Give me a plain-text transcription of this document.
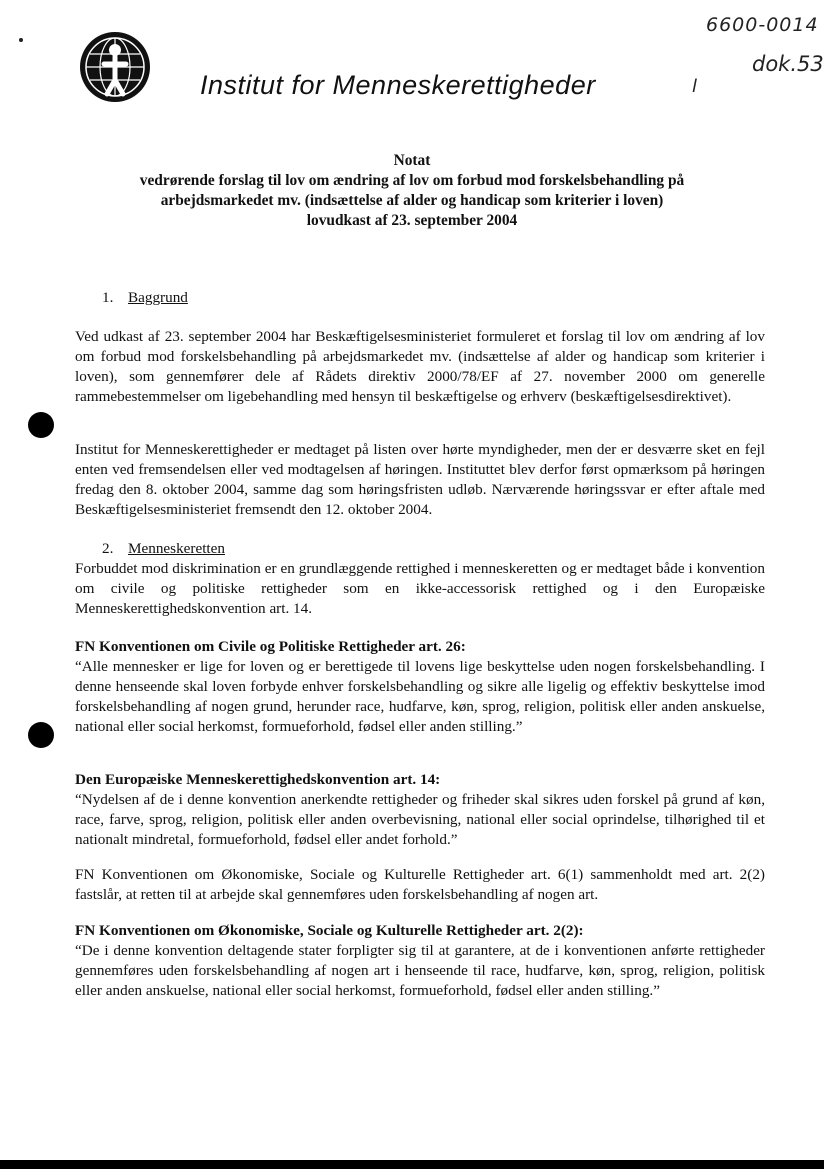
Institut for Menneskerettigheder
6600-0014
dok.53
l
Notat
vedrørende forslag til lov om ændring af lov om forbud mod forskelsbehandling på
arbejdsmarkedet mv. (indsættelse af alder og handicap som kriterier i loven)
lovudkast af 23. september 2004
1. Baggrund
Ved udkast af 23. september 2004 har Beskæftigelsesministeriet formuleret et forslag til lov om ændring af lov om forbud mod forskelsbehandling på arbejdsmarkedet mv. (indsættelse af alder og handicap som kriterier i loven), som gennemfører dele af Rådets direktiv 2000/78/EF af 27. november 2000 om generelle rammebestemmelser om ligebehandling med hensyn til beskæftigelse og erhverv (beskæftigelsesdirektivet).
Institut for Menneskerettigheder er medtaget på listen over hørte myndigheder, men der er desværre sket en fejl enten ved fremsendelsen eller ved modtagelsen af høringen. Instituttet blev derfor først opmærksom på høringen fredag den 8. oktober 2004, samme dag som høringsfristen udløb. Nærværende høringssvar er efter aftale med Beskæftigelsesministeriet fremsendt den 12. oktober 2004.
2. Menneskeretten
Forbuddet mod diskrimination er en grundlæggende rettighed i menneskeretten og er medtaget både i konvention om civile og politiske rettigheder som en ikke-accessorisk rettighed og i den Europæiske Menneskerettighedskonvention art. 14.
FN Konventionen om Civile og Politiske Rettigheder art. 26:
“Alle mennesker er lige for loven og er berettigede til lovens lige beskyttelse uden nogen forskelsbehandling. I denne henseende skal loven forbyde enhver forskelsbehandling og sikre alle ligelig og effektiv beskyttelse imod forskelsbehandling af nogen grund, herunder race, hudfarve, køn, sprog, religion, politisk eller anden anskuelse, national eller social herkomst, formueforhold, fødsel eller anden stilling.”
Den Europæiske Menneskerettighedskonvention art. 14:
“Nydelsen af de i denne konvention anerkendte rettigheder og friheder skal sikres uden forskel på grund af køn, race, farve, sprog, religion, politisk eller anden overbevisning, national eller social oprindelse, tilhørighed til et nationalt mindretal, formueforhold, fødsel eller andet forhold.”
FN Konventionen om Økonomiske, Sociale og Kulturelle Rettigheder art. 6(1) sammenholdt med art. 2(2) fastslår, at retten til at arbejde skal gennemføres uden forskelsbehandling af nogen art.
FN Konventionen om Økonomiske, Sociale og Kulturelle Rettigheder art. 2(2):
“De i denne konvention deltagende stater forpligter sig til at garantere, at de i konventionen anførte rettigheder gennemføres uden forskelsbehandling af nogen art i henseende til race, hudfarve, køn, sprog, religion, politisk eller anden anskuelse, national eller social herkomst, formueforhold, fødsel eller anden stilling.”
